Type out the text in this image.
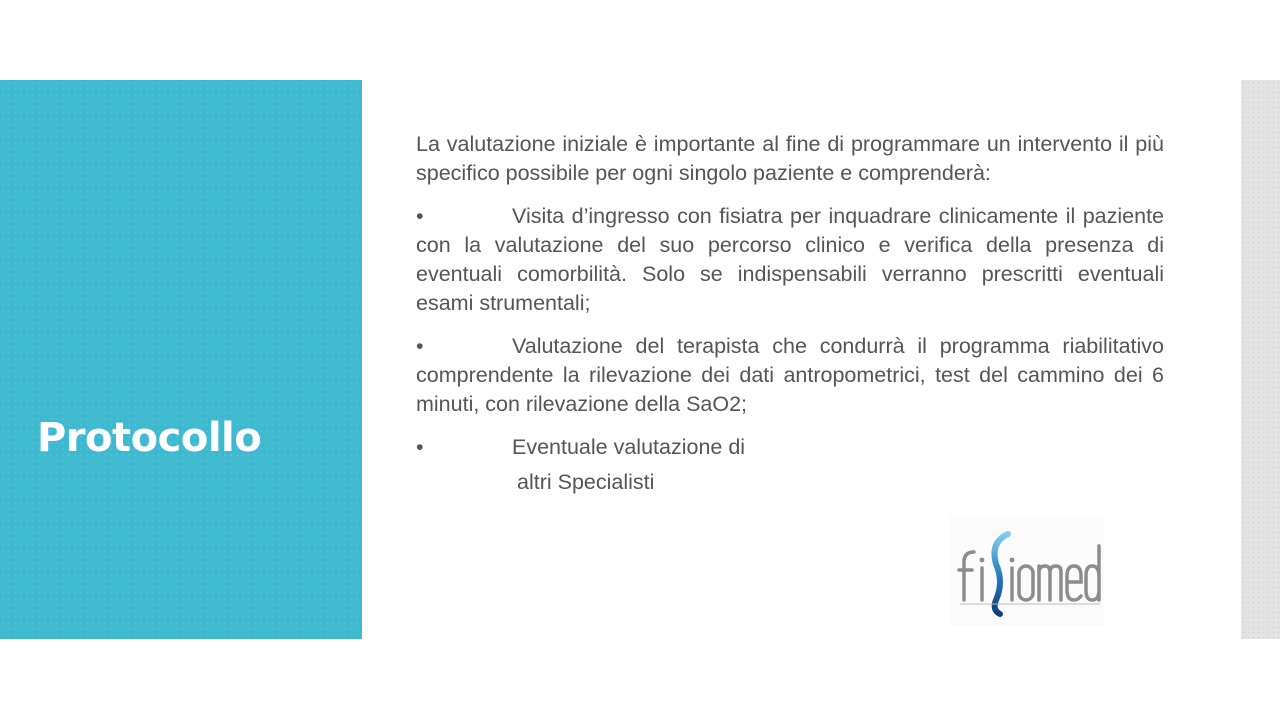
Protocollo

La valutazione iniziale è importante al fine di programmare un intervento il più specifico possibile per ogni singolo paziente e comprenderà:

•	Visita d’ingresso con fisiatra per inquadrare clinicamente il paziente con la valutazione del suo percorso clinico e verifica della presenza di eventuali comorbilità. Solo se indispensabili verranno prescritti eventuali esami strumentali;

•	Valutazione del terapista che condurrà il programma riabilitativo comprendente la rilevazione dei dati antropometrici, test del cammino dei 6 minuti, con rilevazione della SaO2;

•	Eventuale valutazione di

altri Specialisti
